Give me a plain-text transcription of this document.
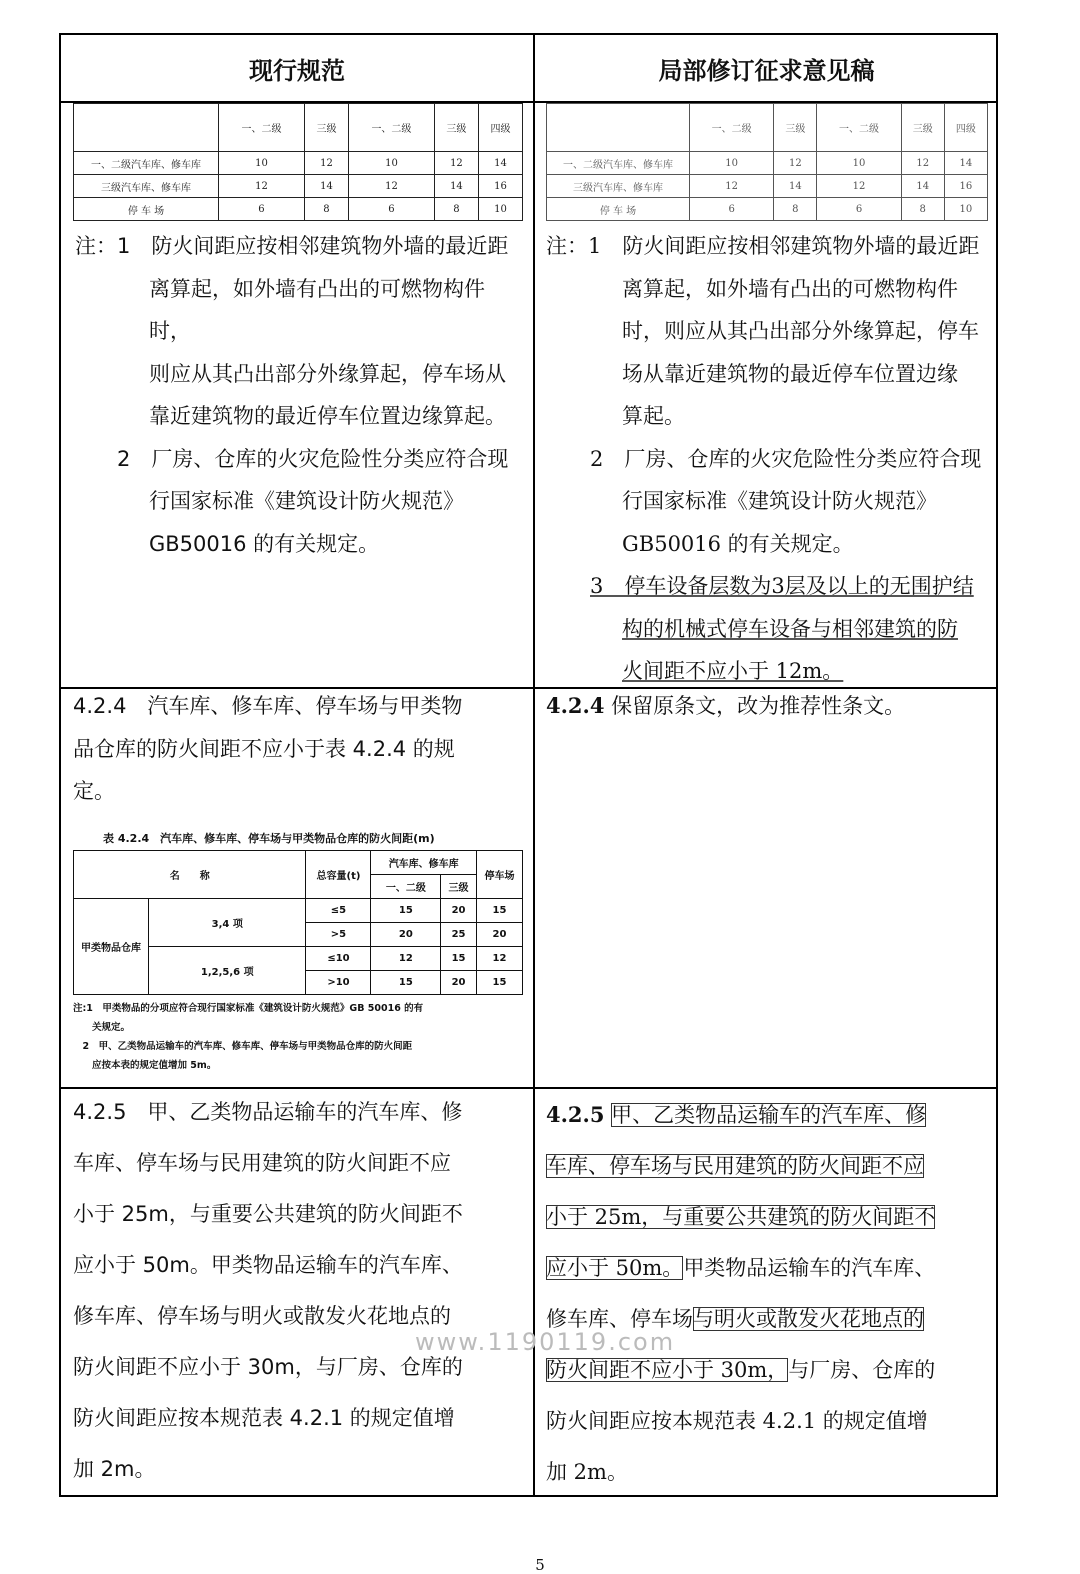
现行规范	局部修订征求意见稿
	一、二级	三级	一、二级	三级	四级
一、二级汽车库、修车库	10	12	10	12	14
三级汽车库、修车库	12	14	12	14	16
停 车 场	6	8	6	8	10

注：1　防火间距应按相邻建筑物外墙的最近距

离算起，如外墙有凸出的可燃物构件时，

则应从其凸出部分外缘算起，停车场从

靠近建筑物的最近停车位置边缘算起。

2　厂房、仓库的火灾危险性分类应符合现

行国家标准《建筑设计防火规范》

GB50016 的有关规定。

	一、二级	三级	一、二级	三级	四级
一、二级汽车库、修车库	10	12	10	12	14
三级汽车库、修车库	12	14	12	14	16
停 车 场	6	8	6	8	10

注：1　防火间距应按相邻建筑物外墙的最近距

离算起，如外墙有凸出的可燃物构件

时，则应从其凸出部分外缘算起，停车

场从靠近建筑物的最近停车位置边缘

算起。

2　厂房、仓库的火灾危险性分类应符合现

行国家标准《建筑设计防火规范》

GB50016 的有关规定。

3　停车设备层数为3层及以上的无围护结

构的机械式停车设备与相邻建筑的防

火间距不应小于 12m。

4.2.4　汽车库、修车库、停车场与甲类物

品仓库的防火间距不应小于表 4.2.4 的规

定。

表 4.2.4　汽车库、修车库、停车场与甲类物品仓库的防火间距(m)
名　　称		总容量(t)	汽车库、修车库		停车场
			一、二级	三级	
甲类物品仓库	3,4 项	≤5	15	20	15
		>5	20	25	20
	1,2,5,6 项	≤10	12	15	12
		>10	15	20	15
注:1　甲类物品的分项应符合现行国家标准《建筑设计防火规范》GB 50016 的有
　　关规定。
　2　甲、乙类物品运输车的汽车库、修车库、停车场与甲类物品仓库的防火间距
　　应按本表的规定值增加 5m。

4.2.4 保留原条文，改为推荐性条文。

4.2.5　甲、乙类物品运输车的汽车库、修

车库、停车场与民用建筑的防火间距不应

小于 25m，与重要公共建筑的防火间距不

应小于 50m。甲类物品运输车的汽车库、

修车库、停车场与明火或散发火花地点的

防火间距不应小于 30m，与厂房、仓库的

防火间距应按本规范表 4.2.1 的规定值增

加 2m。

4.2.5 甲、乙类物品运输车的汽车库、修

车库、停车场与民用建筑的防火间距不应

小于 25m，与重要公共建筑的防火间距不

应小于 50m。甲类物品运输车的汽车库、

修车库、停车场与明火或散发火花地点的

防火间距不应小于 30m，与厂房、仓库的

防火间距应按本规范表 4.2.1 的规定值增

加 2m。

www.1190119.com
5
